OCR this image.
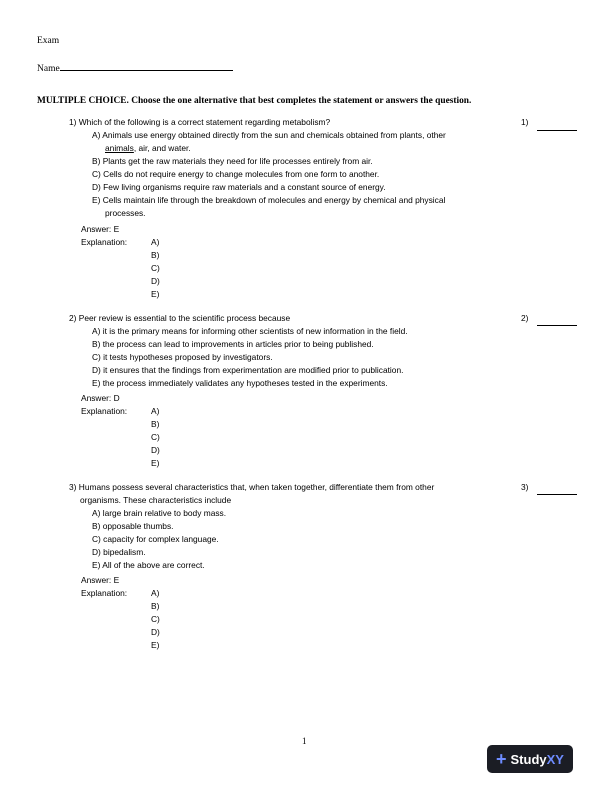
Exam
Name
MULTIPLE CHOICE. Choose the one alternative that best completes the statement or answers the question.
1) Which of the following is a correct statement regarding metabolism?	1)
A) Animals use energy obtained directly from the sun and chemicals obtained from plants, other
animals, air, and water.
B) Plants get the raw materials they need for life processes entirely from air.
C) Cells do not require energy to change molecules from one form to another.
D) Few living organisms require raw materials and a constant source of energy.
E) Cells maintain life through the breakdown of molecules and energy by chemical and physical
processes.
Answer: E
Explanation:	A)
B)
C)
D)
E)
2) Peer review is essential to the scientific process because	2)
A) it is the primary means for informing other scientists of new information in the field.
B) the process can lead to improvements in articles prior to being published.
C) it tests hypotheses proposed by investigators.
D) it ensures that the findings from experimentation are modified prior to publication.
E) the process immediately validates any hypotheses tested in the experiments.
Answer: D
Explanation:	A)
B)
C)
D)
E)
3) Humans possess several characteristics that, when taken together, differentiate them from other
organisms. These characteristics include
3)
A) large brain relative to body mass.
B) opposable thumbs.
C) capacity for complex language.
D) bipedalism.
E) All of the above are correct.
Answer: E
Explanation:	A)
B)
C)
D)
E)
1
+ StudyXY
